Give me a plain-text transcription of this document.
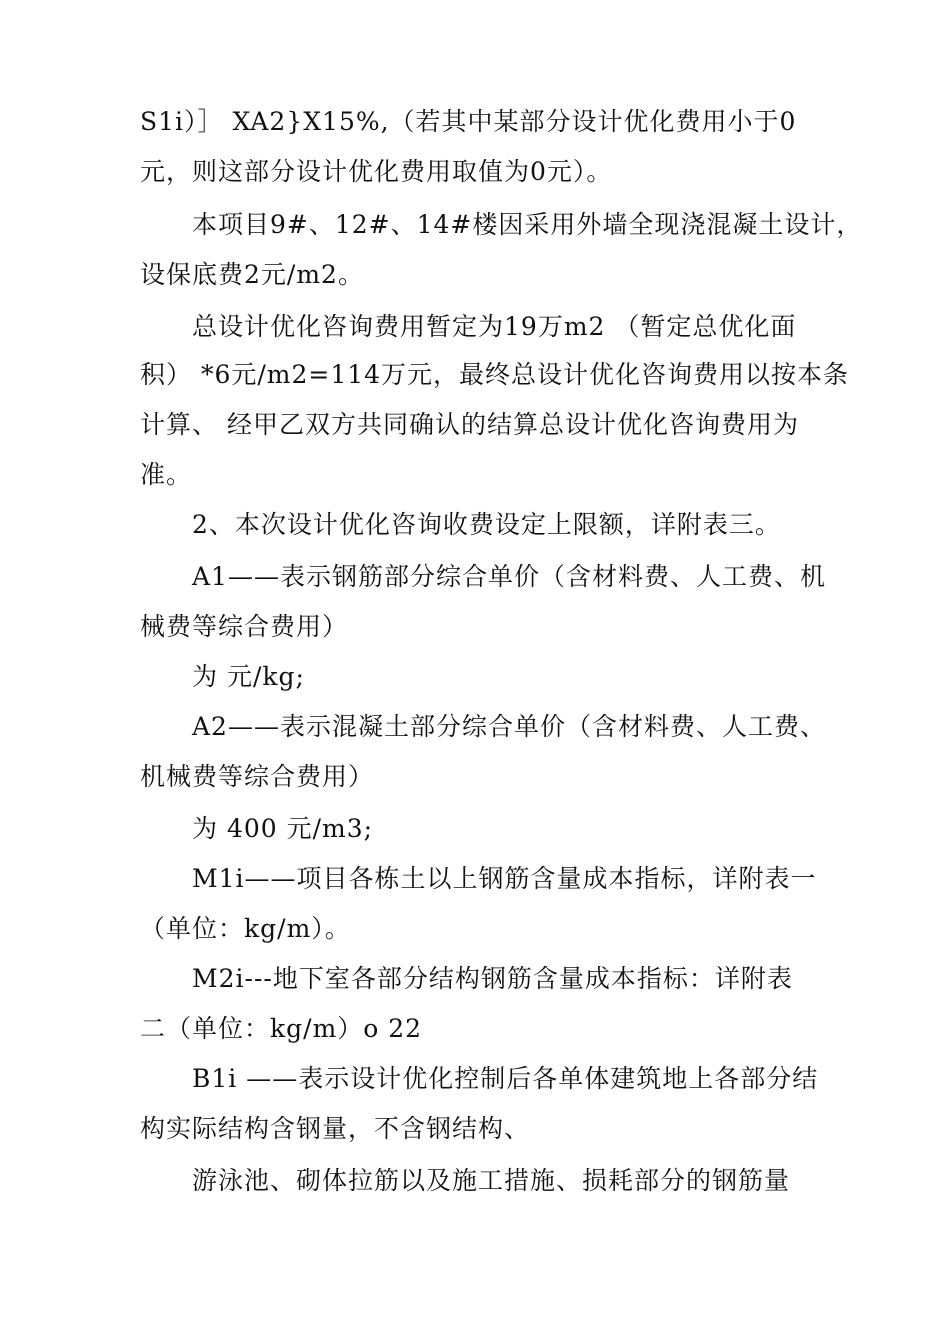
S1i）］ XA2}X15%,（若其中某部分设计优化费用小于0
元，则这部分设计优化费用取值为0元）。
本项目9#、12#、14#楼因采用外墙全现浇混凝土设计，
设保底费2元/m2。
总设计优化咨询费用暂定为19万m2 （暂定总优化面
积） *6元/m2=114万元，最终总设计优化咨询费用以按本条
计算、 经甲乙双方共同确认的结算总设计优化咨询费用为
准。
2、本次设计优化咨询收费设定上限额，详附表三。
A1——表示钢筋部分综合单价（含材料费、人工费、机
械费等综合费用）
为 元/kg;
A2——表示混凝土部分综合单价（含材料费、人工费、
机械费等综合费用）
为 400 元/m3;
M1i——项目各栋土以上钢筋含量成本指标，详附表一
（单位：kg/m）。
M2i---地下室各部分结构钢筋含量成本指标：详附表
二（单位：kg/m）o 22
B1i ——表示设计优化控制后各单体建筑地上各部分结
构实际结构含钢量，不含钢结构、
游泳池、砌体拉筋以及施工措施、损耗部分的钢筋量
